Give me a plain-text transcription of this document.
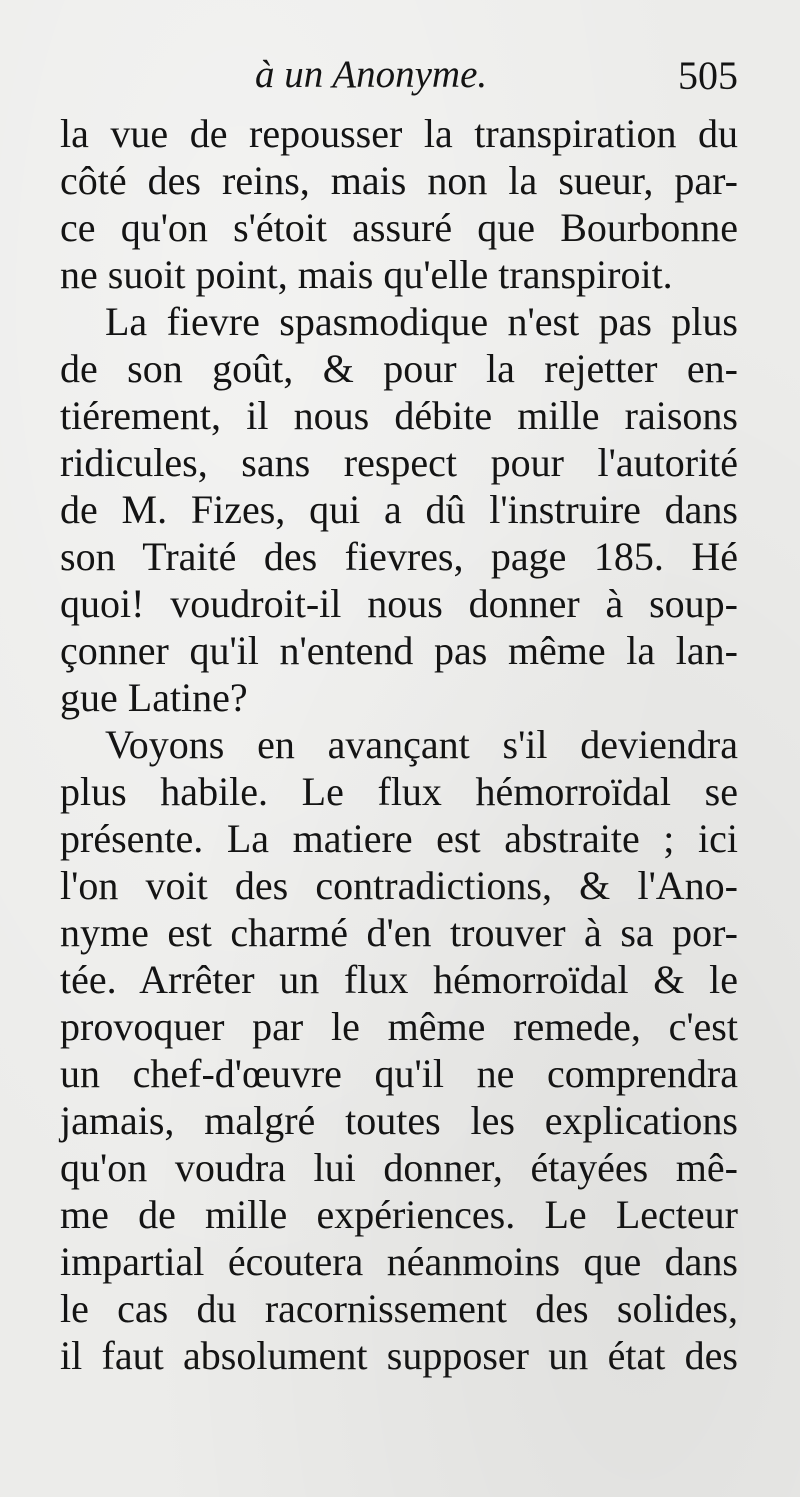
à un Anonyme.	505
la vue de repousser la transpiration du
côté des reins, mais non la sueur, par-
ce qu'on s'étoit assuré que Bourbonne
ne suoit point, mais qu'elle transpiroit.
La fievre spasmodique n'est pas plus
de son goût, & pour la rejetter en-
tiérement, il nous débite mille raisons
ridicules, sans respect pour l'autorité
de M. Fizes, qui a dû l'instruire dans
son Traité des fievres, page 185. Hé
quoi! voudroit-il nous donner à soup-
çonner qu'il n'entend pas même la lan-
gue Latine?
Voyons en avançant s'il deviendra
plus habile. Le flux hémorroïdal se
présente. La matiere est abstraite ; ici
l'on voit des contradictions, & l'Ano-
nyme est charmé d'en trouver à sa por-
tée. Arrêter un flux hémorroïdal & le
provoquer par le même remede, c'est
un chef-d'œuvre qu'il ne comprendra
jamais, malgré toutes les explications
qu'on voudra lui donner, étayées mê-
me de mille expériences. Le Lecteur
impartial écoutera néanmoins que dans
le cas du racornissement des solides,
il faut absolument supposer un état des
